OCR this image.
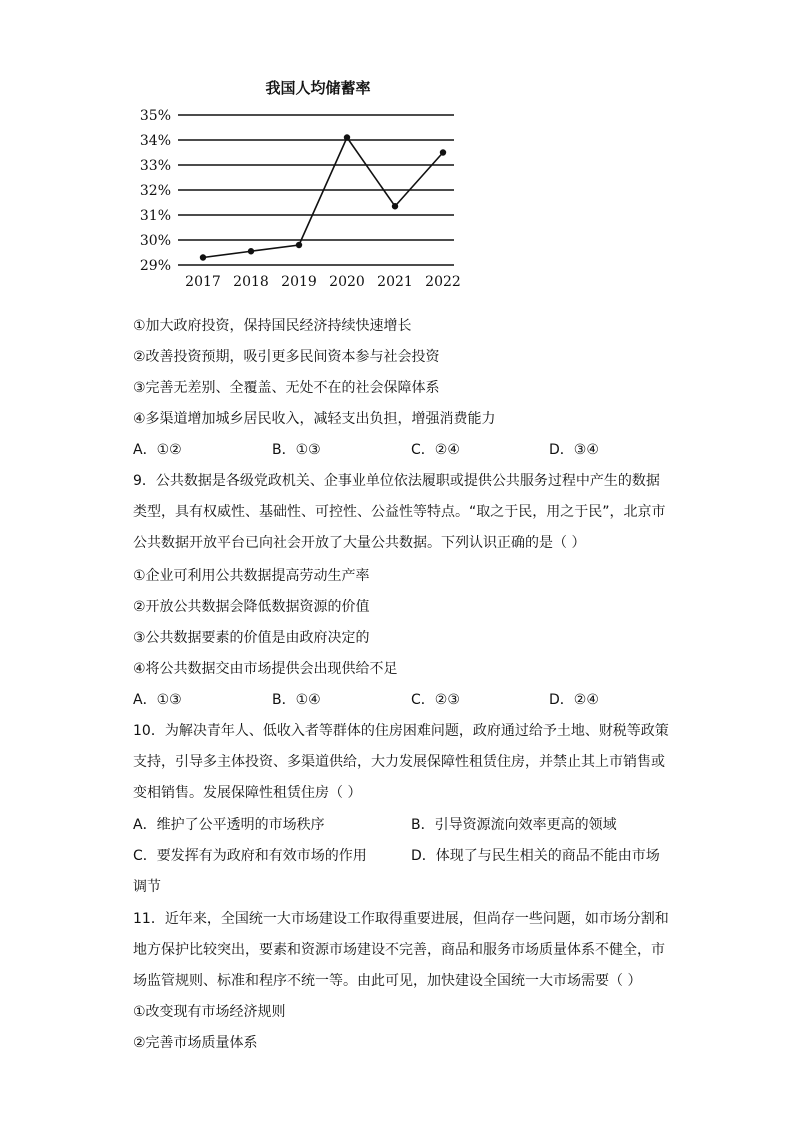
我国人均储蓄率
35%
34%
33%
32%
31%
30%
29%
2017 2018 2019 2020 2021 2022
①加大政府投资，保持国民经济持续快速增长
②改善投资预期，吸引更多民间资本参与社会投资
③完善无差别、全覆盖、无处不在的社会保障体系
④多渠道增加城乡居民收入，减轻支出负担，增强消费能力
A．①②	B．①③	C．②④	D．③④
9．公共数据是各级党政机关、企事业单位依法履职或提供公共服务过程中产生的数据
类型，具有权威性、基础性、可控性、公益性等特点。“取之于民，用之于民”，北京市
公共数据开放平台已向社会开放了大量公共数据。下列认识正确的是（ ）
①企业可利用公共数据提高劳动生产率
②开放公共数据会降低数据资源的价值
③公共数据要素的价值是由政府决定的
④将公共数据交由市场提供会出现供给不足
A．①③	B．①④	C．②③	D．②④
10．为解决青年人、低收入者等群体的住房困难问题，政府通过给予土地、财税等政策
支持，引导多主体投资、多渠道供给，大力发展保障性租赁住房，并禁止其上市销售或
变相销售。发展保障性租赁住房（ ）
A．维护了公平透明的市场秩序	B．引导资源流向效率更高的领域
C．要发挥有为政府和有效市场的作用	D．体现了与民生相关的商品不能由市场
调节
11．近年来，全国统一大市场建设工作取得重要进展，但尚存一些问题，如市场分割和
地方保护比较突出，要素和资源市场建设不完善，商品和服务市场质量体系不健全，市
场监管规则、标准和程序不统一等。由此可见，加快建设全国统一大市场需要（ ）
①改变现有市场经济规则
②完善市场质量体系
